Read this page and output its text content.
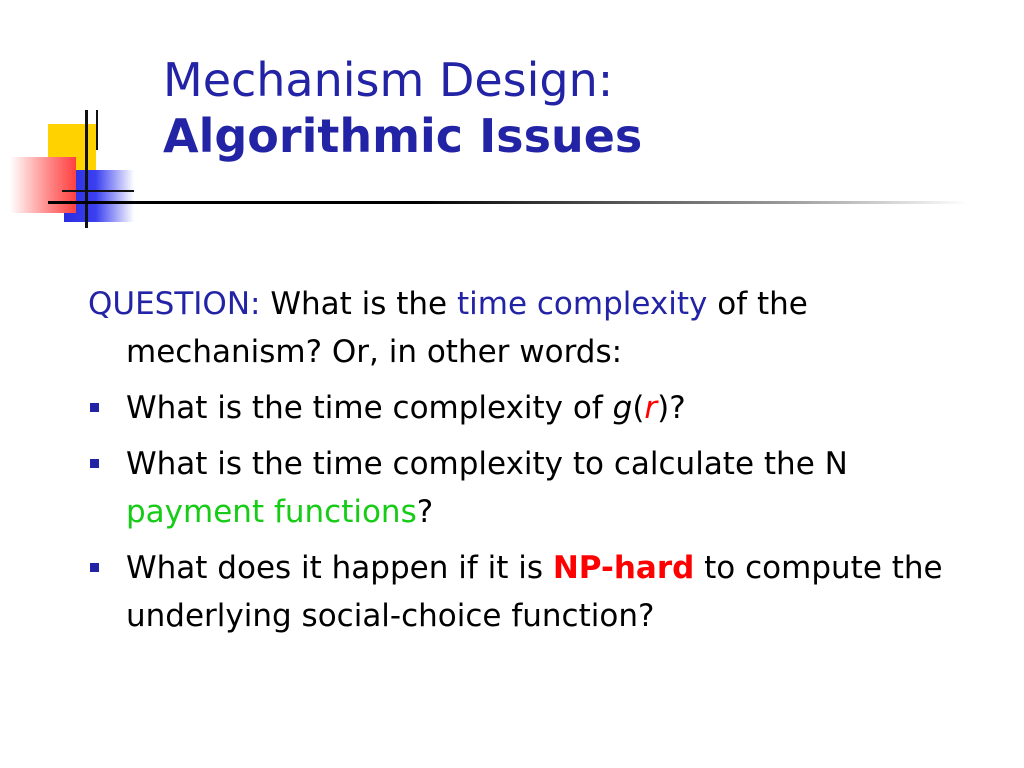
Mechanism Design:
Algorithmic Issues

QUESTION: What is the time complexity of the mechanism? Or, in other words:

What is the time complexity of g(r)?

What is the time complexity to calculate the N payment functions?

What does it happen if it is NP-hard to compute the underlying social-choice function?
